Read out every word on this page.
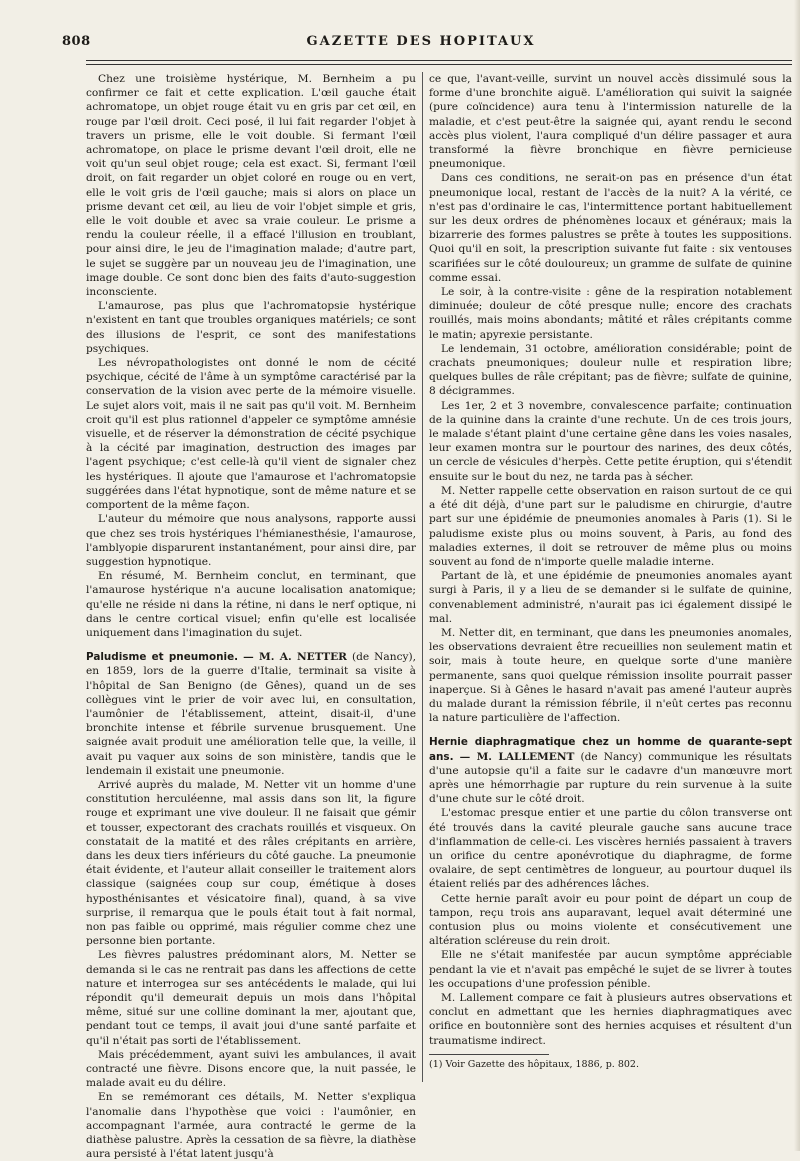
808	GAZETTE DES HOPITAUX

Chez une troisième hystérique, M. Bernheim a pu confirmer ce fait et cette explication. L'œil gauche était achromatope, un objet rouge était vu en gris par cet œil, en rouge par l'œil droit. Ceci posé, il lui fait regarder l'objet à travers un prisme, elle le voit double. Si fermant l'œil achromatope, on place le prisme devant l'œil droit, elle ne voit qu'un seul objet rouge; cela est exact. Si, fermant l'œil droit, on fait regarder un objet coloré en rouge ou en vert, elle le voit gris de l'œil gauche; mais si alors on place un prisme devant cet œil, au lieu de voir l'objet simple et gris, elle le voit double et avec sa vraie couleur. Le prisme a rendu la couleur réelle, il a effacé l'illusion en troublant, pour ainsi dire, le jeu de l'imagination malade; d'autre part, le sujet se suggère par un nouveau jeu de l'imagination, une image double. Ce sont donc bien des faits d'auto-suggestion inconsciente.

L'amaurose, pas plus que l'achromatopsie hystérique n'existent en tant que troubles organiques matériels; ce sont des illusions de l'esprit, ce sont des manifestations psychiques.

Les névropathologistes ont donné le nom de cécité psychique, cécité de l'âme à un symptôme caractérisé par la conservation de la vision avec perte de la mémoire visuelle. Le sujet alors voit, mais il ne sait pas qu'il voit. M. Bernheim croit qu'il est plus rationnel d'appeler ce symptôme amnésie visuelle, et de réserver la démonstration de cécité psychique à la cécité par imagination, destruction des images par l'agent psychique; c'est celle-là qu'il vient de signaler chez les hystériques. Il ajoute que l'amaurose et l'achromatopsie suggérées dans l'état hypnotique, sont de même nature et se comportent de la même façon.

L'auteur du mémoire que nous analysons, rapporte aussi que chez ses trois hystériques l'hémianesthésie, l'amaurose, l'amblyopie disparurent instantanément, pour ainsi dire, par suggestion hypnotique.

En résumé, M. Bernheim conclut, en terminant, que l'amaurose hystérique n'a aucune localisation anatomique; qu'elle ne réside ni dans la rétine, ni dans le nerf optique, ni dans le centre cortical visuel; enfin qu'elle est localisée uniquement dans l'imagination du sujet.

Paludisme et pneumonie. — M. A. NETTER (de Nancy), en 1859, lors de la guerre d'Italie, terminait sa visite à l'hôpital de San Benigno (de Gênes), quand un de ses collègues vint le prier de voir avec lui, en consultation, l'aumônier de l'établissement, atteint, disait-il, d'une bronchite intense et fébrile survenue brusquement. Une saignée avait produit une amélioration telle que, la veille, il avait pu vaquer aux soins de son ministère, tandis que le lendemain il existait une pneumonie.

Arrivé auprès du malade, M. Netter vit un homme d'une constitution herculéenne, mal assis dans son lit, la figure rouge et exprimant une vive douleur. Il ne faisait que gémir et tousser, expectorant des crachats rouillés et visqueux. On constatait de la matité et des râles crépitants en arrière, dans les deux tiers inférieurs du côté gauche. La pneumonie était évidente, et l'auteur allait conseiller le traitement alors classique (saignées coup sur coup, émétique à doses hyposthénisantes et vésicatoire final), quand, à sa vive surprise, il remarqua que le pouls était tout à fait normal, non pas faible ou opprimé, mais régulier comme chez une personne bien portante.

Les fièvres palustres prédominant alors, M. Netter se demanda si le cas ne rentrait pas dans les affections de cette nature et interrogea sur ses antécédents le malade, qui lui répondit qu'il demeurait depuis un mois dans l'hôpital même, situé sur une colline dominant la mer, ajoutant que, pendant tout ce temps, il avait joui d'une santé parfaite et qu'il n'était pas sorti de l'établissement.

Mais précédemment, ayant suivi les ambulances, il avait contracté une fièvre. Disons encore que, la nuit passée, le malade avait eu du délire.

En se remémorant ces détails, M. Netter s'expliqua l'anomalie dans l'hypothèse que voici : l'aumônier, en accompagnant l'armée, aura contracté le germe de la diathèse palustre. Après la cessation de sa fièvre, la diathèse aura persisté à l'état latent jusqu'à

ce que, l'avant-veille, survint un nouvel accès dissimulé sous la forme d'une bronchite aiguë. L'amélioration qui suivit la saignée (pure coïncidence) aura tenu à l'intermission naturelle de la maladie, et c'est peut-être la saignée qui, ayant rendu le second accès plus violent, l'aura compliqué d'un délire passager et aura transformé la fièvre bronchique en fièvre pernicieuse pneumonique.

Dans ces conditions, ne serait-on pas en présence d'un état pneumonique local, restant de l'accès de la nuit? A la vérité, ce n'est pas d'ordinaire le cas, l'intermittence portant habituellement sur les deux ordres de phénomènes locaux et généraux; mais la bizarrerie des formes palustres se prête à toutes les suppositions. Quoi qu'il en soit, la prescription suivante fut faite : six ventouses scarifiées sur le côté douloureux; un gramme de sulfate de quinine comme essai.

Le soir, à la contre-visite : gêne de la respiration notablement diminuée; douleur de côté presque nulle; encore des crachats rouillés, mais moins abondants; mâtité et râles crépitants comme le matin; apyrexie persistante.

Le lendemain, 31 octobre, amélioration considérable; point de crachats pneumoniques; douleur nulle et respiration libre; quelques bulles de râle crépitant; pas de fièvre; sulfate de quinine, 8 décigrammes.

Les 1er, 2 et 3 novembre, convalescence parfaite; continuation de la quinine dans la crainte d'une rechute. Un de ces trois jours, le malade s'étant plaint d'une certaine gêne dans les voies nasales, leur examen montra sur le pourtour des narines, des deux côtés, un cercle de vésicules d'herpès. Cette petite éruption, qui s'étendit ensuite sur le bout du nez, ne tarda pas à sécher.

M. Netter rappelle cette observation en raison surtout de ce qui a été dit déjà, d'une part sur le paludisme en chirurgie, d'autre part sur une épidémie de pneumonies anomales à Paris (1). Si le paludisme existe plus ou moins souvent, à Paris, au fond des maladies externes, il doit se retrouver de même plus ou moins souvent au fond de n'importe quelle maladie interne.

Partant de là, et une épidémie de pneumonies anomales ayant surgi à Paris, il y a lieu de se demander si le sulfate de quinine, convenablement administré, n'aurait pas ici également dissipé le mal.

M. Netter dit, en terminant, que dans les pneumonies anomales, les observations devraient être recueillies non seulement matin et soir, mais à toute heure, en quelque sorte d'une manière permanente, sans quoi quelque rémission insolite pourrait passer inaperçue. Si à Gênes le hasard n'avait pas amené l'auteur auprès du malade durant la rémission fébrile, il n'eût certes pas reconnu la nature particulière de l'affection.

Hernie diaphragmatique chez un homme de quarante-sept ans. — M. LALLEMENT (de Nancy) communique les résultats d'une autopsie qu'il a faite sur le cadavre d'un manœuvre mort après une hémorrhagie par rupture du rein survenue à la suite d'une chute sur le côté droit.

L'estomac presque entier et une partie du côlon transverse ont été trouvés dans la cavité pleurale gauche sans aucune trace d'inflammation de celle-ci. Les viscères herniés passaient à travers un orifice du centre aponévrotique du diaphragme, de forme ovalaire, de sept centimètres de longueur, au pourtour duquel ils étaient reliés par des adhérences lâches.

Cette hernie paraît avoir eu pour point de départ un coup de tampon, reçu trois ans auparavant, lequel avait déterminé une contusion plus ou moins violente et consécutivement une altération scléreuse du rein droit.

Elle ne s'était manifestée par aucun symptôme appréciable pendant la vie et n'avait pas empêché le sujet de se livrer à toutes les occupations d'une profession pénible.

M. Lallement compare ce fait à plusieurs autres observations et conclut en admettant que les hernies diaphragmatiques avec orifice en boutonnière sont des hernies acquises et résultent d'un traumatisme indirect.

(1) Voir Gazette des hôpitaux, 1886, p. 802.
